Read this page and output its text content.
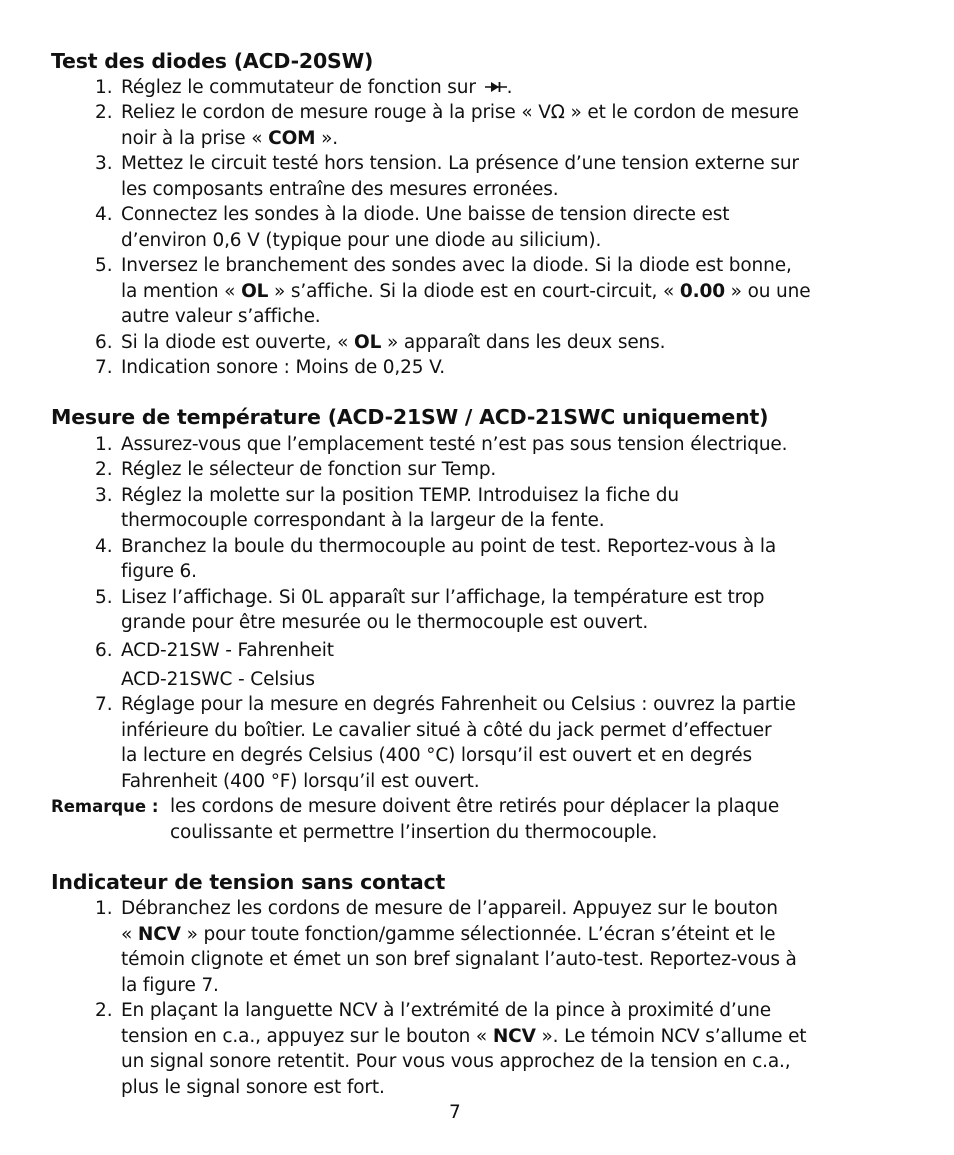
Test des diodes (ACD-20SW)
1. Réglez le commutateur de fonction sur .
2. Reliez le cordon de mesure rouge à la prise « VΩ » et le cordon de mesure
noir à la prise « COM ».
3. Mettez le circuit testé hors tension. La présence d’une tension externe sur
les composants entraîne des mesures erronées.
4. Connectez les sondes à la diode. Une baisse de tension directe est
d’environ 0,6 V (typique pour une diode au silicium).
5. Inversez le branchement des sondes avec la diode. Si la diode est bonne,
la mention « OL » s’affiche. Si la diode est en court-circuit, « 0.00 » ou une
autre valeur s’affiche.
6. Si la diode est ouverte, « OL » apparaît dans les deux sens.
7. Indication sonore : Moins de 0,25 V.
Mesure de température (ACD-21SW / ACD-21SWC uniquement)
1. Assurez-vous que l’emplacement testé n’est pas sous tension électrique.
2. Réglez le sélecteur de fonction sur Temp.
3. Réglez la molette sur la position TEMP. Introduisez la fiche du
thermocouple correspondant à la largeur de la fente.
4. Branchez la boule du thermocouple au point de test. Reportez-vous à la
figure 6.
5. Lisez l’affichage. Si 0L apparaît sur l’affichage, la température est trop
grande pour être mesurée ou le thermocouple est ouvert.
6. ACD-21SW - Fahrenheit
ACD-21SWC - Celsius
7. Réglage pour la mesure en degrés Fahrenheit ou Celsius : ouvrez la partie
inférieure du boîtier. Le cavalier situé à côté du jack permet d’effectuer
la lecture en degrés Celsius (400 °C) lorsqu’il est ouvert et en degrés
Fahrenheit (400 °F) lorsqu’il est ouvert.
Remarque : les cordons de mesure doivent être retirés pour déplacer la plaque
coulissante et permettre l’insertion du thermocouple.
Indicateur de tension sans contact
1. Débranchez les cordons de mesure de l’appareil. Appuyez sur le bouton
« NCV » pour toute fonction/gamme sélectionnée. L’écran s’éteint et le
témoin clignote et émet un son bref signalant l’auto-test. Reportez-vous à
la figure 7.
2. En plaçant la languette NCV à l’extrémité de la pince à proximité d’une
tension en c.a., appuyez sur le bouton « NCV ». Le témoin NCV s’allume et
un signal sonore retentit. Pour vous vous approchez de la tension en c.a.,
plus le signal sonore est fort.
7
